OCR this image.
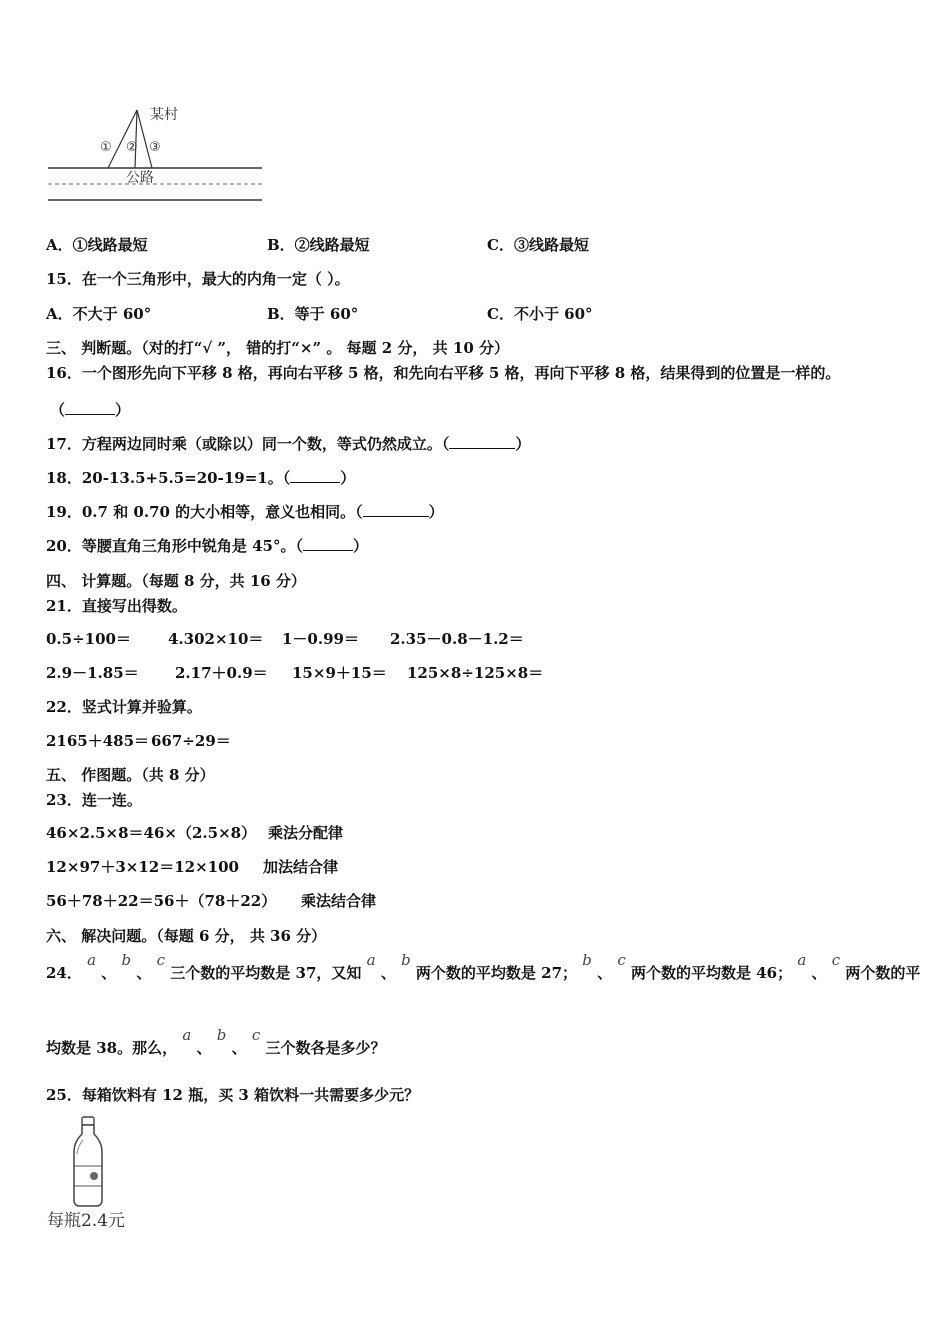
某村
① ② ③
公路
A．①线路最短	B．②线路最短	C．③线路最短
15．在一个三角形中，最大的内角一定（ ）。
A．不大于 60°	B．等于 60°	C．不小于 60°
三、 判断题。（对的打“√ ”， 错的打“×” 。 每题 2 分， 共 10 分）
16．一个图形先向下平移 8 格，再向右平移 5 格，和先向右平移 5 格，再向下平移 8 格，结果得到的位置是一样的。
（	）
17．方程两边同时乘（或除以）同一个数，等式仍然成立。（	）
18．20-13.5+5.5=20-19=1。（	）
19．0.7 和 0.70 的大小相等，意义也相同。（	）
20．等腰直角三角形中锐角是 45°。（	）
四、 计算题。（每题 8 分，共 16 分）
21．直接写出得数。
0.5÷100＝ 4.302×10＝ 1－0.99＝ 2.35－0.8－1.2＝
2.9－1.85＝ 2.17＋0.9＝ 15×9＋15＝ 125×8÷125×8＝
22．竖式计算并验算。
2165＋485＝ 667÷29＝
五、 作图题。（共 8 分）
23．连一连。
46×2.5×8＝46×（2.5×8） 乘法分配律
12×97＋3×12＝12×100 加法结合律
56＋78＋22＝56＋（78＋22） 乘法结合律
六、 解决问题。（每题 6 分， 共 36 分）
24． a 、 b 、 c 三个数的平均数是 37，又知 a 、 b 两个数的平均数是 27； b 、 c 两个数的平均数是 46； a 、 c 两个数的平
均数是 38。那么， a 、 b 、 c 三个数各是多少？
25．每箱饮料有 12 瓶，买 3 箱饮料一共需要多少元？
每瓶2.4元
